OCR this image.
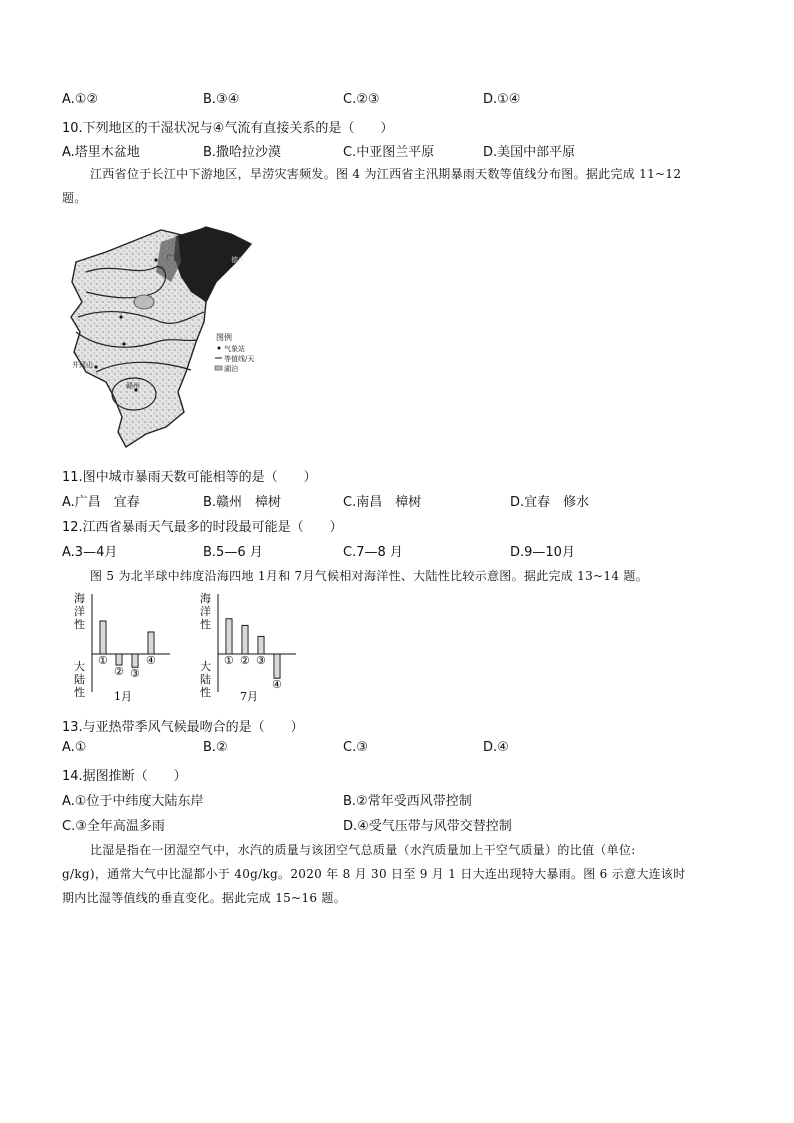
A.①②	B.③④	C.②③	D.①④
10.下列地区的干湿状况与④气流有直接关系的是（　　）
A.塔里木盆地	B.撒哈拉沙漠	C.中亚图兰平原	D.美国中部平原
江西省位于长江中下游地区，旱涝灾害频发。图 4 为江西省主汛期暴雨天数等值线分布图。据此完成 11~12
题。
广昌	德兴
井冈山
赣州
图例
气象站
等值线/天
湖泊
11.图中城市暴雨天数可能相等的是（　　）
A.广昌　宜春	B.赣州　樟树	C.南昌　樟树	D.宜春　修水
12.江西省暴雨天气最多的时段最可能是（　　）
A.3—4月	B.5—6 月	C.7—8 月	D.9—10月
图 5 为北半球中纬度沿海四地 1月和 7月气候相对海洋性、大陆性比较示意图。据此完成 13~14 题。
海
洋
性
大
陆
性
①
② ③
④
1月
海
洋
性
大
陆
性
① ② ③
④
7月
13.与亚热带季风气候最吻合的是（　　）
A.①	B.②	C.③	D.④
14.据图推断（　　）
A.①位于中纬度大陆东岸	B.②常年受西风带控制
C.③全年高温多雨	D.④受气压带与风带交替控制
比湿是指在一团湿空气中，水汽的质量与该团空气总质量（水汽质量加上干空气质量）的比值（单位:
g/kg)，通常大气中比湿都小于 40g/kg。2020 年 8 月 30 日至 9 月 1 日大连出现特大暴雨。图 6 示意大连该时
期内比湿等值线的垂直变化。据此完成 15~16 题。
